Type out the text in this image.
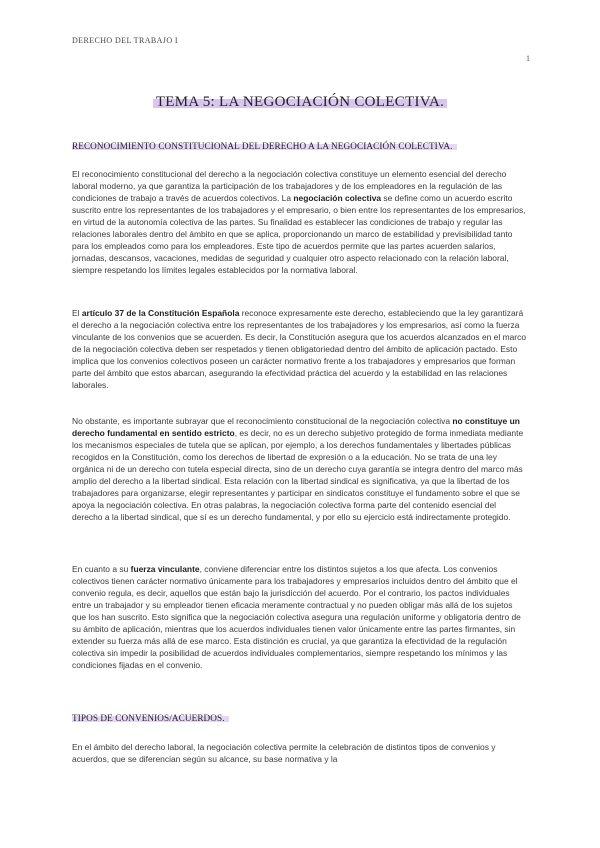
DERECHO DEL TRABAJO I
1
TEMA 5: LA NEGOCIACIÓN COLECTIVA.
RECONOCIMIENTO CONSTITUCIONAL DEL DERECHO A LA NEGOCIACIÓN COLECTIVA.

El reconocimiento constitucional del derecho a la negociación colectiva constituye un elemento esencial del derecho laboral moderno, ya que garantiza la participación de los trabajadores y de los empleadores en la regulación de las condiciones de trabajo a través de acuerdos colectivos. La negociación colectiva se define como un acuerdo escrito suscrito entre los representantes de los trabajadores y el empresario, o bien entre los representantes de los empresarios, en virtud de la autonomía colectiva de las partes. Su finalidad es establecer las condiciones de trabajo y regular las relaciones laborales dentro del ámbito en que se aplica, proporcionando un marco de estabilidad y previsibilidad tanto para los empleados como para los empleadores. Este tipo de acuerdos permite que las partes acuerden salarios, jornadas, descansos, vacaciones, medidas de seguridad y cualquier otro aspecto relacionado con la relación laboral, siempre respetando los límites legales establecidos por la normativa laboral.

El artículo 37 de la Constitución Española reconoce expresamente este derecho, estableciendo que la ley garantizará el derecho a la negociación colectiva entre los representantes de los trabajadores y los empresarios, así como la fuerza vinculante de los convenios que se acuerden. Es decir, la Constitución asegura que los acuerdos alcanzados en el marco de la negociación colectiva deben ser respetados y tienen obligatoriedad dentro del ámbito de aplicación pactado. Esto implica que los convenios colectivos poseen un carácter normativo frente a los trabajadores y empresarios que forman parte del ámbito que estos abarcan, asegurando la efectividad práctica del acuerdo y la estabilidad en las relaciones laborales.

No obstante, es importante subrayar que el reconocimiento constitucional de la negociación colectiva no constituye un derecho fundamental en sentido estricto, es decir, no es un derecho subjetivo protegido de forma inmediata mediante los mecanismos especiales de tutela que se aplican, por ejemplo, a los derechos fundamentales y libertades públicas recogidos en la Constitución, como los derechos de libertad de expresión o a la educación. No se trata de una ley orgánica ni de un derecho con tutela especial directa, sino de un derecho cuya garantía se integra dentro del marco más amplio del derecho a la libertad sindical. Esta relación con la libertad sindical es significativa, ya que la libertad de los trabajadores para organizarse, elegir representantes y participar en sindicatos constituye el fundamento sobre el que se apoya la negociación colectiva. En otras palabras, la negociación colectiva forma parte del contenido esencial del derecho a la libertad sindical, que sí es un derecho fundamental, y por ello su ejercicio está indirectamente protegido.

En cuanto a su fuerza vinculante, conviene diferenciar entre los distintos sujetos a los que afecta. Los convenios colectivos tienen carácter normativo únicamente para los trabajadores y empresarios incluidos dentro del ámbito que el convenio regula, es decir, aquellos que están bajo la jurisdicción del acuerdo. Por el contrario, los pactos individuales entre un trabajador y su empleador tienen eficacia meramente contractual y no pueden obligar más allá de los sujetos que los han suscrito. Esto significa que la negociación colectiva asegura una regulación uniforme y obligatoria dentro de su ámbito de aplicación, mientras que los acuerdos individuales tienen valor únicamente entre las partes firmantes, sin extender su fuerza más allá de ese marco. Esta distinción es crucial, ya que garantiza la efectividad de la regulación colectiva sin impedir la posibilidad de acuerdos individuales complementarios, siempre respetando los mínimos y las condiciones fijadas en el convenio.

TIPOS DE CONVENIOS/ACUERDOS.

En el ámbito del derecho laboral, la negociación colectiva permite la celebración de distintos tipos de convenios y acuerdos, que se diferencian según su alcance, su base normativa y la
